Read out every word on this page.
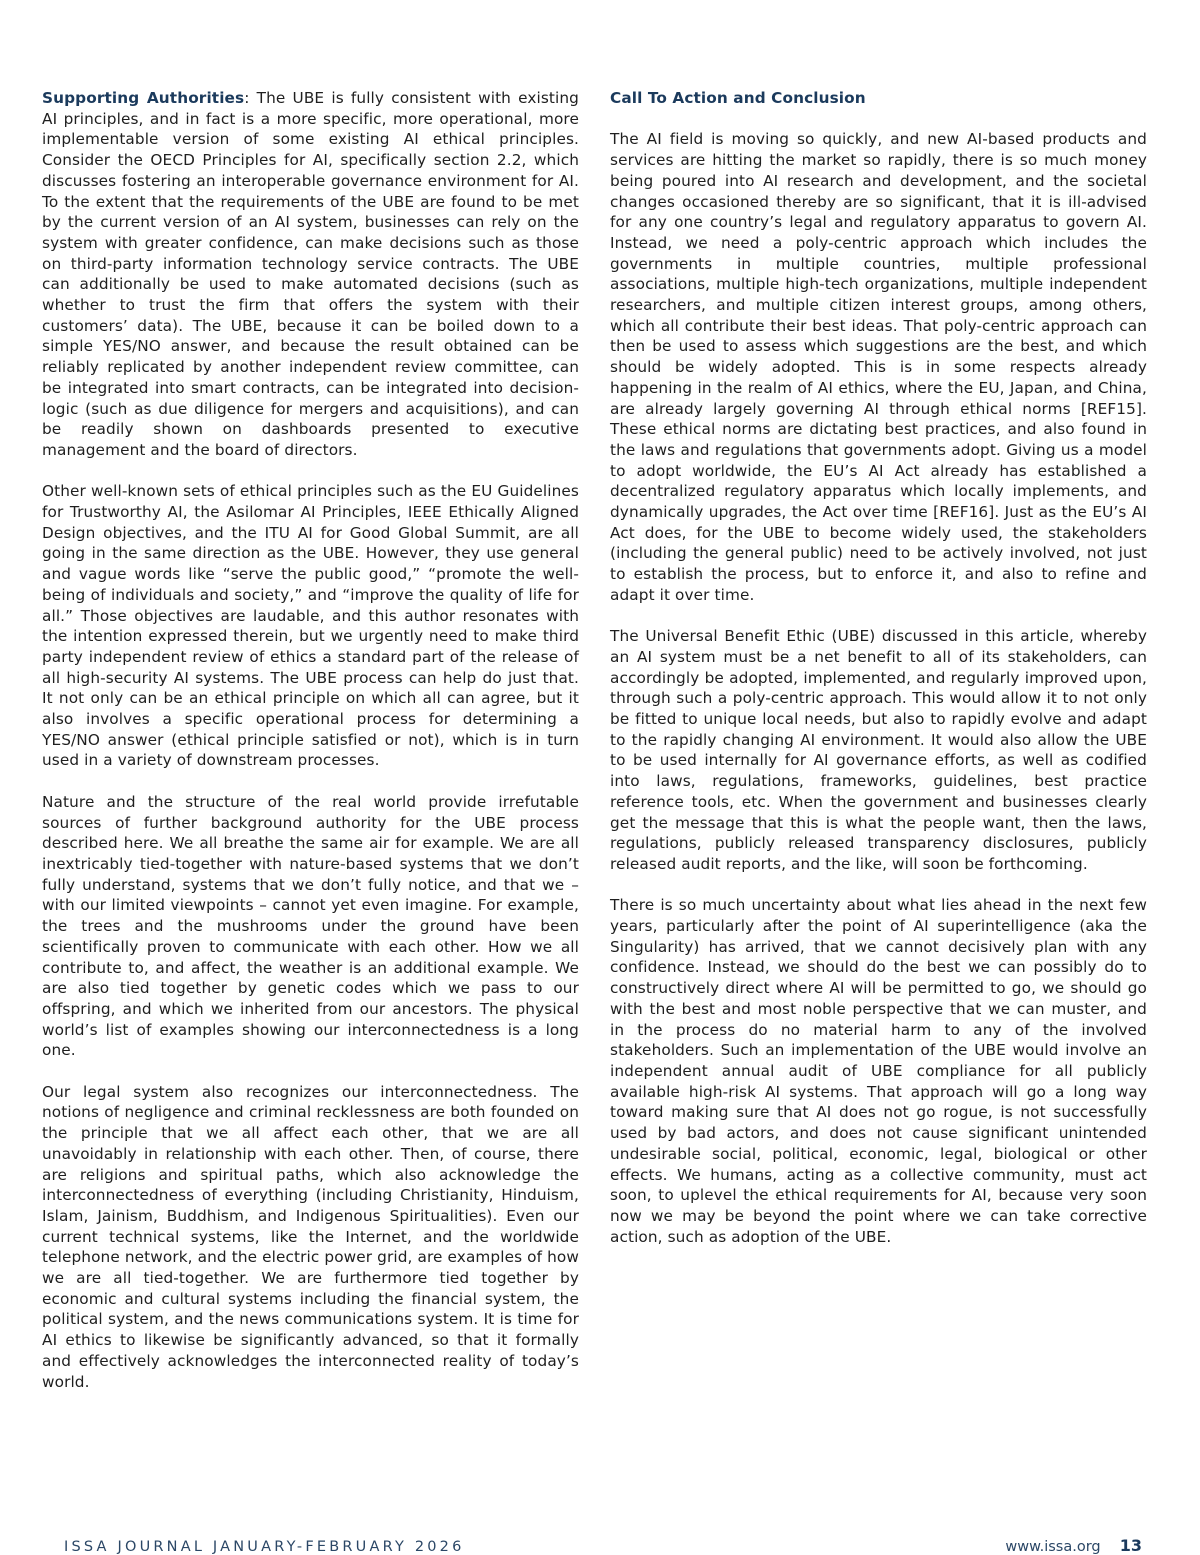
Supporting Authorities: The UBE is fully consistent with existing AI principles, and in fact is a more specific, more operational, more implementable version of some existing AI ethical principles. Consider the OECD Principles for AI, specifically section 2.2, which discusses fostering an interoperable governance environment for AI. To the extent that the requirements of the UBE are found to be met by the current version of an AI system, businesses can rely on the system with greater confidence, can make decisions such as those on third-party information technology service contracts. The UBE can additionally be used to make automated decisions (such as whether to trust the firm that offers the system with their customers’ data). The UBE, because it can be boiled down to a simple YES/NO answer, and because the result obtained can be reliably replicated by another independent review committee, can be integrated into smart contracts, can be integrated into decision-logic (such as due diligence for mergers and acquisitions), and can be readily shown on dashboards presented to executive management and the board of directors.

Other well-known sets of ethical principles such as the EU Guidelines for Trustworthy AI, the Asilomar AI Principles, IEEE Ethically Aligned Design objectives, and the ITU AI for Good Global Summit, are all going in the same direction as the UBE. However, they use general and vague words like “serve the public good,” “promote the well-being of individuals and society,” and “improve the quality of life for all.” Those objectives are laudable, and this author resonates with the intention expressed therein, but we urgently need to make third party independent review of ethics a standard part of the release of all high-security AI systems. The UBE process can help do just that. It not only can be an ethical principle on which all can agree, but it also involves a specific operational process for determining a YES/NO answer (ethical principle satisfied or not), which is in turn used in a variety of downstream processes.

Nature and the structure of the real world provide irrefutable sources of further background authority for the UBE process described here. We all breathe the same air for example. We are all inextricably tied-together with nature-based systems that we don’t fully understand, systems that we don’t fully notice, and that we – with our limited viewpoints – cannot yet even imagine. For example, the trees and the mushrooms under the ground have been scientifically proven to communicate with each other. How we all contribute to, and affect, the weather is an additional example. We are also tied together by genetic codes which we pass to our offspring, and which we inherited from our ancestors. The physical world’s list of examples showing our interconnectedness is a long one.

Our legal system also recognizes our interconnectedness. The notions of negligence and criminal recklessness are both founded on the principle that we all affect each other, that we are all unavoidably in relationship with each other. Then, of course, there are religions and spiritual paths, which also acknowledge the interconnectedness of everything (including Christianity, Hinduism, Islam, Jainism, Buddhism, and Indigenous Spiritualities). Even our current technical systems, like the Internet, and the worldwide telephone network, and the electric power grid, are examples of how we are all tied-together. We are furthermore tied together by economic and cultural systems including the financial system, the political system, and the news communications system. It is time for AI ethics to likewise be significantly advanced, so that it formally and effectively acknowledges the interconnected reality of today’s world.

Call To Action and Conclusion

The AI field is moving so quickly, and new AI-based products and services are hitting the market so rapidly, there is so much money being poured into AI research and development, and the societal changes occasioned thereby are so significant, that it is ill-advised for any one country’s legal and regulatory apparatus to govern AI. Instead, we need a poly-centric approach which includes the governments in multiple countries, multiple professional associations, multiple high-tech organizations, multiple independent researchers, and multiple citizen interest groups, among others, which all contribute their best ideas. That poly-centric approach can then be used to assess which suggestions are the best, and which should be widely adopted. This is in some respects already happening in the realm of AI ethics, where the EU, Japan, and China, are already largely governing AI through ethical norms [REF15]. These ethical norms are dictating best practices, and also found in the laws and regulations that governments adopt. Giving us a model to adopt worldwide, the EU’s AI Act already has established a decentralized regulatory apparatus which locally implements, and dynamically upgrades, the Act over time [REF16]. Just as the EU’s AI Act does, for the UBE to become widely used, the stakeholders (including the general public) need to be actively involved, not just to establish the process, but to enforce it, and also to refine and adapt it over time.

The Universal Benefit Ethic (UBE) discussed in this article, whereby an AI system must be a net benefit to all of its stakeholders, can accordingly be adopted, implemented, and regularly improved upon, through such a poly-centric approach. This would allow it to not only be fitted to unique local needs, but also to rapidly evolve and adapt to the rapidly changing AI environment. It would also allow the UBE to be used internally for AI governance efforts, as well as codified into laws, regulations, frameworks, guidelines, best practice reference tools, etc. When the government and businesses clearly get the message that this is what the people want, then the laws, regulations, publicly released transparency disclosures, publicly released audit reports, and the like, will soon be forthcoming.

There is so much uncertainty about what lies ahead in the next few years, particularly after the point of AI superintelligence (aka the Singularity) has arrived, that we cannot decisively plan with any confidence. Instead, we should do the best we can possibly do to constructively direct where AI will be permitted to go, we should go with the best and most noble perspective that we can muster, and in the process do no material harm to any of the involved stakeholders. Such an implementation of the UBE would involve an independent annual audit of UBE compliance for all publicly available high-risk AI systems. That approach will go a long way toward making sure that AI does not go rogue, is not successfully used by bad actors, and does not cause significant unintended undesirable social, political, economic, legal, biological or other effects. We humans, acting as a collective community, must act soon, to uplevel the ethical requirements for AI, because very soon now we may be beyond the point where we can take corrective action, such as adoption of the UBE.

ISSA JOURNAL JANUARY-FEBRUARY 2026	www.issa.org 13
